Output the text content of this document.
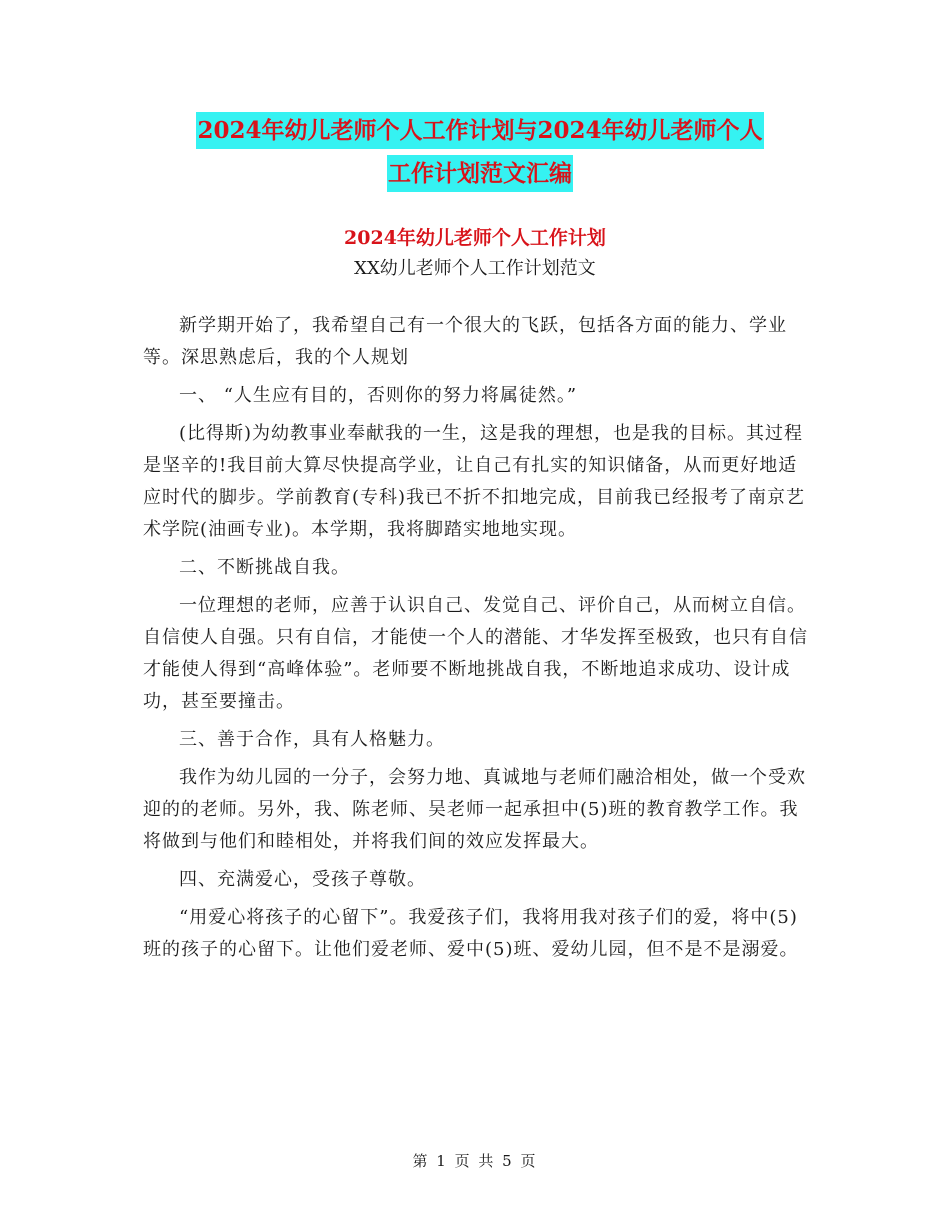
2024年幼儿老师个人工作计划与2024年幼儿老师个人
工作计划范文汇编
2024年幼儿老师个人工作计划
XX幼儿老师个人工作计划范文

新学期开始了，我希望自己有一个很大的飞跃，包括各方面的能力、学业等。深思熟虑后，我的个人规划

一、 “人生应有目的，否则你的努力将属徒然。”

(比得斯)为幼教事业奉献我的一生，这是我的理想，也是我的目标。其过程是坚辛的!我目前大算尽快提高学业，让自己有扎实的知识储备，从而更好地适应时代的脚步。学前教育(专科)我已不折不扣地完成，目前我已经报考了南京艺术学院(油画专业)。本学期，我将脚踏实地地实现。

二、不断挑战自我。

一位理想的老师，应善于认识自己、发觉自己、评价自己，从而树立自信。自信使人自强。只有自信，才能使一个人的潜能、才华发挥至极致，也只有自信才能使人得到“高峰体验”。老师要不断地挑战自我，不断地追求成功、设计成功，甚至要撞击。

三、善于合作，具有人格魅力。

我作为幼儿园的一分子，会努力地、真诚地与老师们融洽相处，做一个受欢迎的的老师。另外，我、陈老师、吴老师一起承担中(5)班的教育教学工作。我将做到与他们和睦相处，并将我们间的效应发挥最大。

四、充满爱心，受孩子尊敬。

“用爱心将孩子的心留下”。我爱孩子们，我将用我对孩子们的爱，将中(5)班的孩子的心留下。让他们爱老师、爱中(5)班、爱幼儿园，但不是不是溺爱。

第 1 页 共 5 页
